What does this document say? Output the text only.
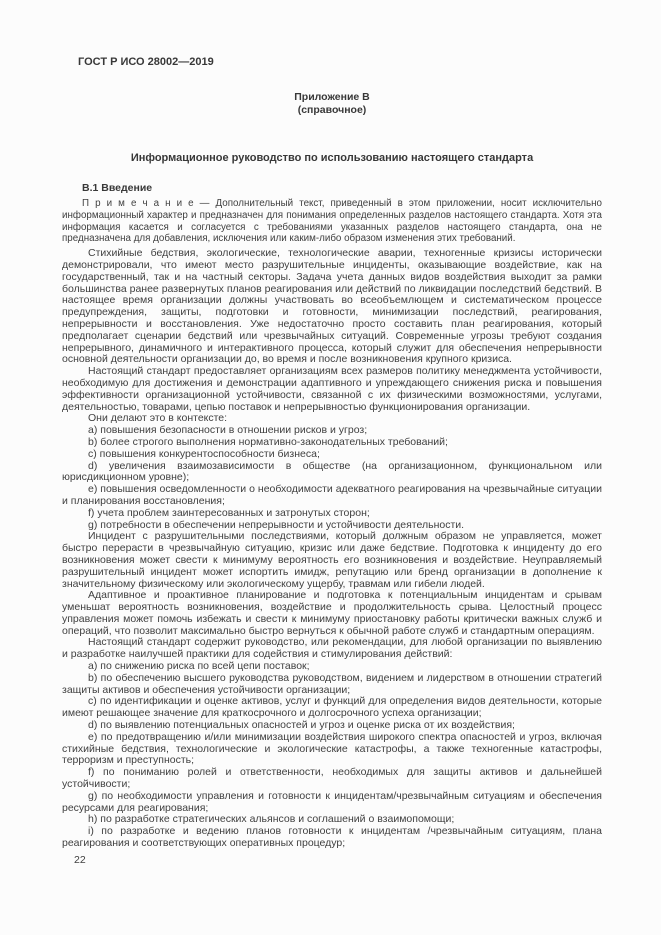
ГОСТ Р ИСО 28002—2019

Приложение В

(справочное)

Информационное руководство по использованию настоящего стандарта
В.1 Введение

П р и м е ч а н и е — Дополнительный текст, приведенный в этом приложении, носит исключительно информационный характер и предназначен для понимания определенных разделов настоящего стандарта. Хотя эта информация касается и согласуется с требованиями указанных разделов настоящего стандарта, она не предназначена для добавления, исключения или каким-либо образом изменения этих требований.

Стихийные бедствия, экологические, технологические аварии, техногенные кризисы исторически демонстрировали, что имеют место разрушительные инциденты, оказывающие воздействие, как на государственный, так и на частный секторы. Задача учета данных видов воздействия выходит за рамки большинства ранее развернутых планов реагирования или действий по ликвидации последствий бедствий. В настоящее время организации должны участвовать во всеобъемлющем и систематическом процессе предупреждения, защиты, подготовки и готовности, минимизации последствий, реагирования, непрерывности и восстановления. Уже недостаточно просто составить план реагирования, который предполагает сценарии бедствий или чрезвычайных ситуаций. Современные угрозы требуют создания непрерывного, динамичного и интерактивного процесса, который служит для обеспечения непрерывности основной деятельности организации до, во время и после возникновения крупного кризиса.

Настоящий стандарт предоставляет организациям всех размеров политику менеджмента устойчивости, необходимую для достижения и демонстрации адаптивного и упреждающего снижения риска и повышения эффективности организационной устойчивости, связанной с их физическими возможностями, услугами, деятельностью, товарами, цепью поставок и непрерывностью функционирования организации.

Они делают это в контексте:

a) повышения безопасности в отношении рисков и угроз;

b) более строгого выполнения нормативно-законодательных требований;

c) повышения конкурентоспособности бизнеса;

d) увеличения взаимозависимости в обществе (на организационном, функциональном или юрисдикционном уровне);

e) повышения осведомленности о необходимости адекватного реагирования на чрезвычайные ситуации и планирования восстановления;

f) учета проблем заинтересованных и затронутых сторон;

g) потребности в обеспечении непрерывности и устойчивости деятельности.

Инцидент с разрушительными последствиями, который должным образом не управляется, может быстро перерасти в чрезвычайную ситуацию, кризис или даже бедствие. Подготовка к инциденту до его возникновения может свести к минимуму вероятность его возникновения и воздействие. Неуправляемый разрушительный инцидент может испортить имидж, репутацию или бренд организации в дополнение к значительному физическому или экологическому ущербу, травмам или гибели людей.

Адаптивное и проактивное планирование и подготовка к потенциальным инцидентам и срывам уменьшат вероятность возникновения, воздействие и продолжительность срыва. Целостный процесс управления может помочь избежать и свести к минимуму приостановку работы критически важных служб и операций, что позволит максимально быстро вернуться к обычной работе служб и стандартным операциям.

Настоящий стандарт содержит руководство, или рекомендации, для любой организации по выявлению и разработке наилучшей практики для содействия и стимулирования действий:

a) по снижению риска по всей цепи поставок;

b) по обеспечению высшего руководства руководством, видением и лидерством в отношении стратегий защиты активов и обеспечения устойчивости организации;

c) по идентификации и оценке активов, услуг и функций для определения видов деятельности, которые имеют решающее значение для краткосрочного и долгосрочного успеха организации;

d) по выявлению потенциальных опасностей и угроз и оценке риска от их воздействия;

e) по предотвращению и/или минимизации воздействия широкого спектра опасностей и угроз, включая стихийные бедствия, технологические и экологические катастрофы, а также техногенные катастрофы, терроризм и преступность;

f) по пониманию ролей и ответственности, необходимых для защиты активов и дальнейшей устойчивости;

g) по необходимости управления и готовности к инцидентам/чрезвычайным ситуациям и обеспечения ресурсами для реагирования;

h) по разработке стратегических альянсов и соглашений о взаимопомощи;

i) по разработке и ведению планов готовности к инцидентам /чрезвычайным ситуациям, плана реагирования и соответствующих оперативных процедур;

22
